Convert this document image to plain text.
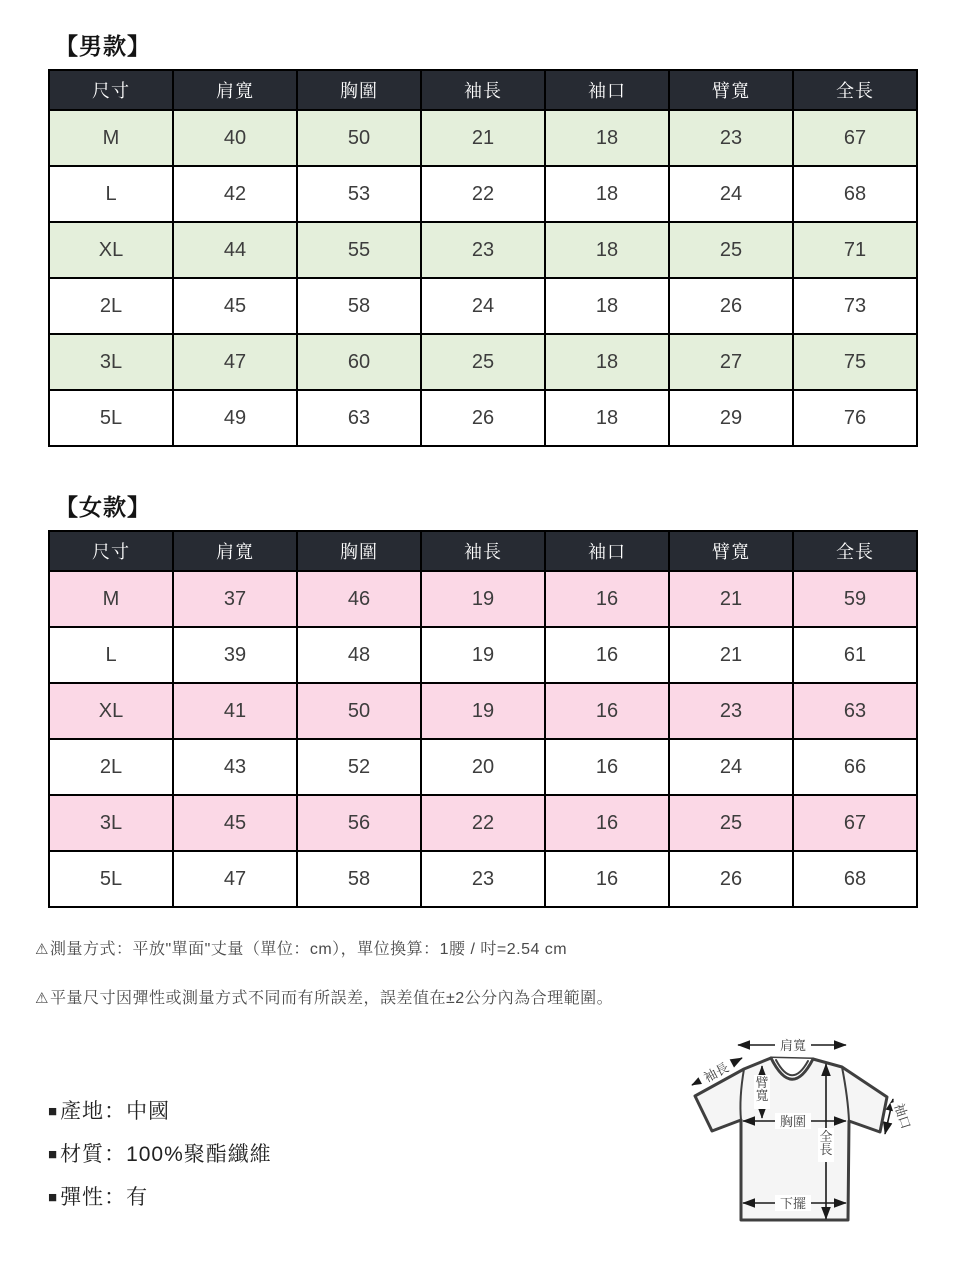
【男款】
尺寸	肩寬	胸圍	袖長	袖口	臂寬	全長
M	40	50	21	18	23	67
L	42	53	22	18	24	68
XL	44	55	23	18	25	71
2L	45	58	24	18	26	73
3L	47	60	25	18	27	75
5L	49	63	26	18	29	76
【女款】
尺寸	肩寬	胸圍	袖長	袖口	臂寬	全長
M	37	46	19	16	21	59
L	39	48	19	16	21	61
XL	41	50	19	16	23	63
2L	43	52	20	16	24	66
3L	45	56	22	16	25	67
5L	47	58	23	16	26	68

⚠測量方式：平放"單面"丈量（單位：cm），單位換算：1腰 / 吋=2.54 cm

⚠平量尺寸因彈性或測量方式不同而有所誤差，誤差值在±2公分內為合理範圍。

■產地：中國
■材質：100%聚酯纖維
■彈性：有
肩寬
袖長 臂寬
胸圍	袖口
全長
下擺
